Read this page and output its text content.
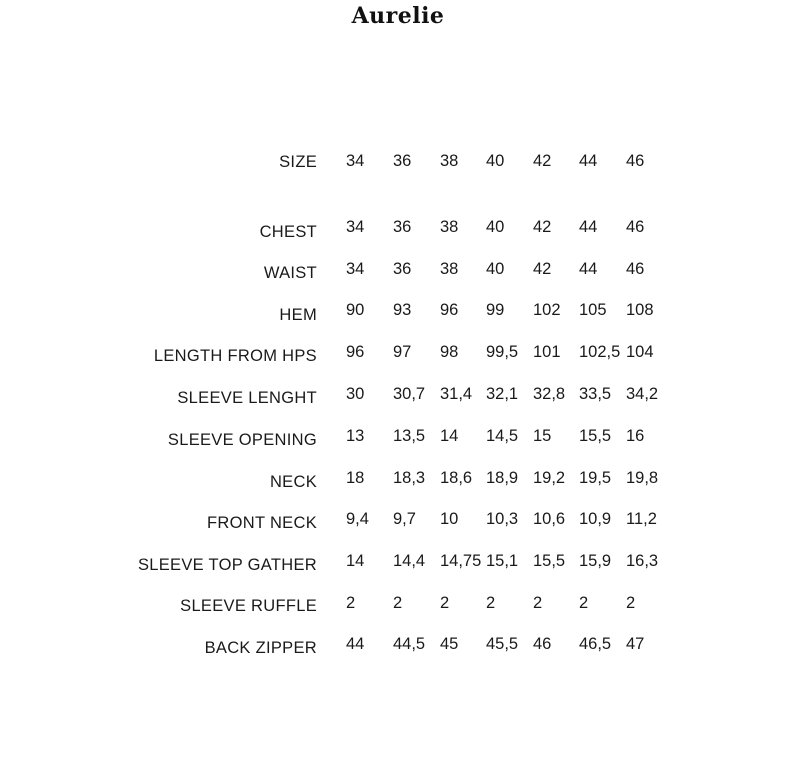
Aurelie
SIZE 34 36 38 40 42 44 46
CHEST 34 36 38 40 42 44 46
WAIST 34 36 38 40 42 44 46
HEM 90 93 96 99 102 105 108
LENGTH FROM HPS 96 97 98 99,5 101 102,5 104
SLEEVE LENGHT 30 30,7 31,4 32,1 32,8 33,5 34,2
SLEEVE OPENING 13 13,5 14 14,5 15 15,5 16
NECK 18 18,3 18,6 18,9 19,2 19,5 19,8
FRONT NECK 9,4 9,7 10 10,3 10,6 10,9 11,2
SLEEVE TOP GATHER 14 14,4 14,75 15,1 15,5 15,9 16,3
SLEEVE RUFFLE 2 2 2 2 2 2 2
BACK ZIPPER 44 44,5 45 45,5 46 46,5 47
